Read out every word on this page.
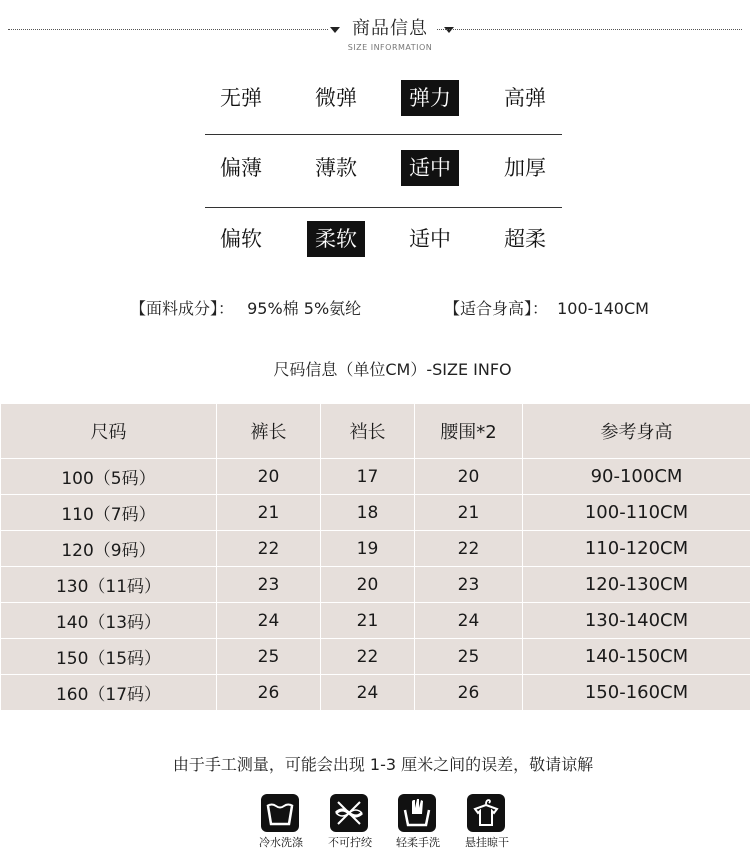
商品信息
SIZE INFORMATION
无弹	微弹	弹力	高弹
偏薄	薄款	适中	加厚
偏软	柔软	适中	超柔
【面料成分】： 95%棉 5%氨纶	【适合身高】： 100-140CM
尺码信息（单位CM）-SIZE INFO
尺码	裤长	裆长	腰围*2	参考身高
100（5码）	20	17	20	90-100CM
110（7码）	21	18	21	100-110CM
120（9码）	22	19	22	110-120CM
130（11码）	23	20	23	120-130CM
140（13码）	24	21	24	130-140CM
150（15码）	25	22	25	140-150CM
160（17码）	26	24	26	150-160CM
由于手工测量，可能会出现 1-3 厘米之间的误差，敬请谅解
冷水洗涤	不可拧绞	轻柔手洗	悬挂晾干
